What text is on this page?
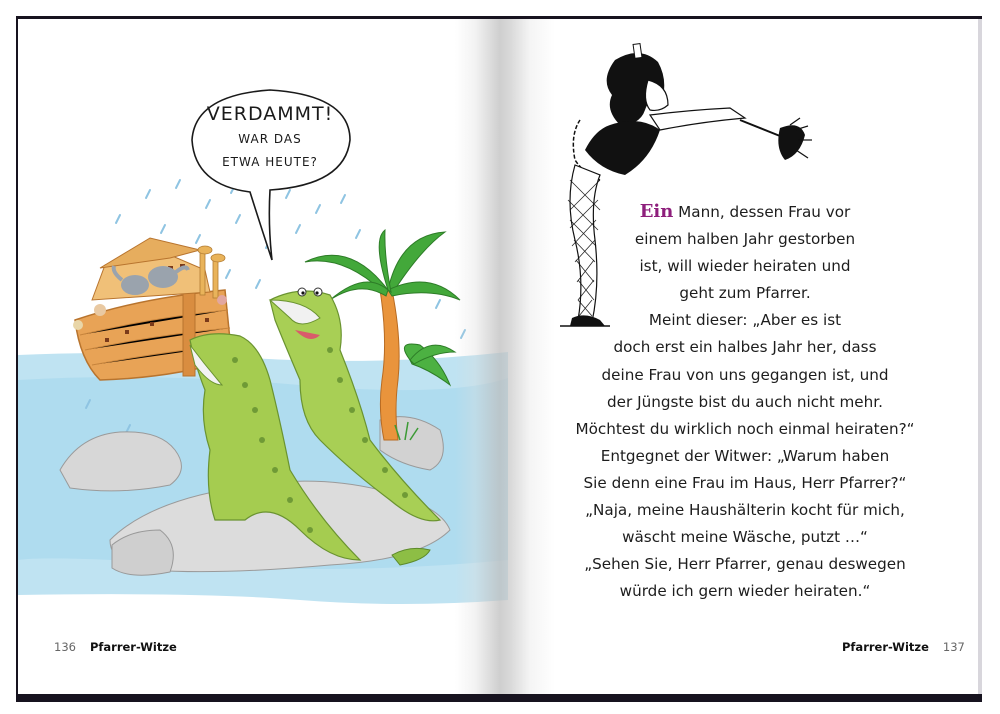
VERDAMMT!
WAR DAS
ETWA HEUTE?
Ein Mann, dessen Frau vor
einem halben Jahr gestorben
ist, will wieder heiraten und
geht zum Pfarrer.
Meint dieser: „Aber es ist
doch erst ein halbes Jahr her, dass
deine Frau von uns gegangen ist, und
der Jüngste bist du auch nicht mehr.
Möchtest du wirklich noch einmal heiraten?“
Entgegnet der Witwer: „Warum haben
Sie denn eine Frau im Haus, Herr Pfarrer?“
„Naja, meine Haushälterin kocht für mich,
wäscht meine Wäsche, putzt …“
„Sehen Sie, Herr Pfarrer, genau deswegen
würde ich gern wieder heiraten.“
136 Pfarrer-Witze	Pfarrer-Witze 137
